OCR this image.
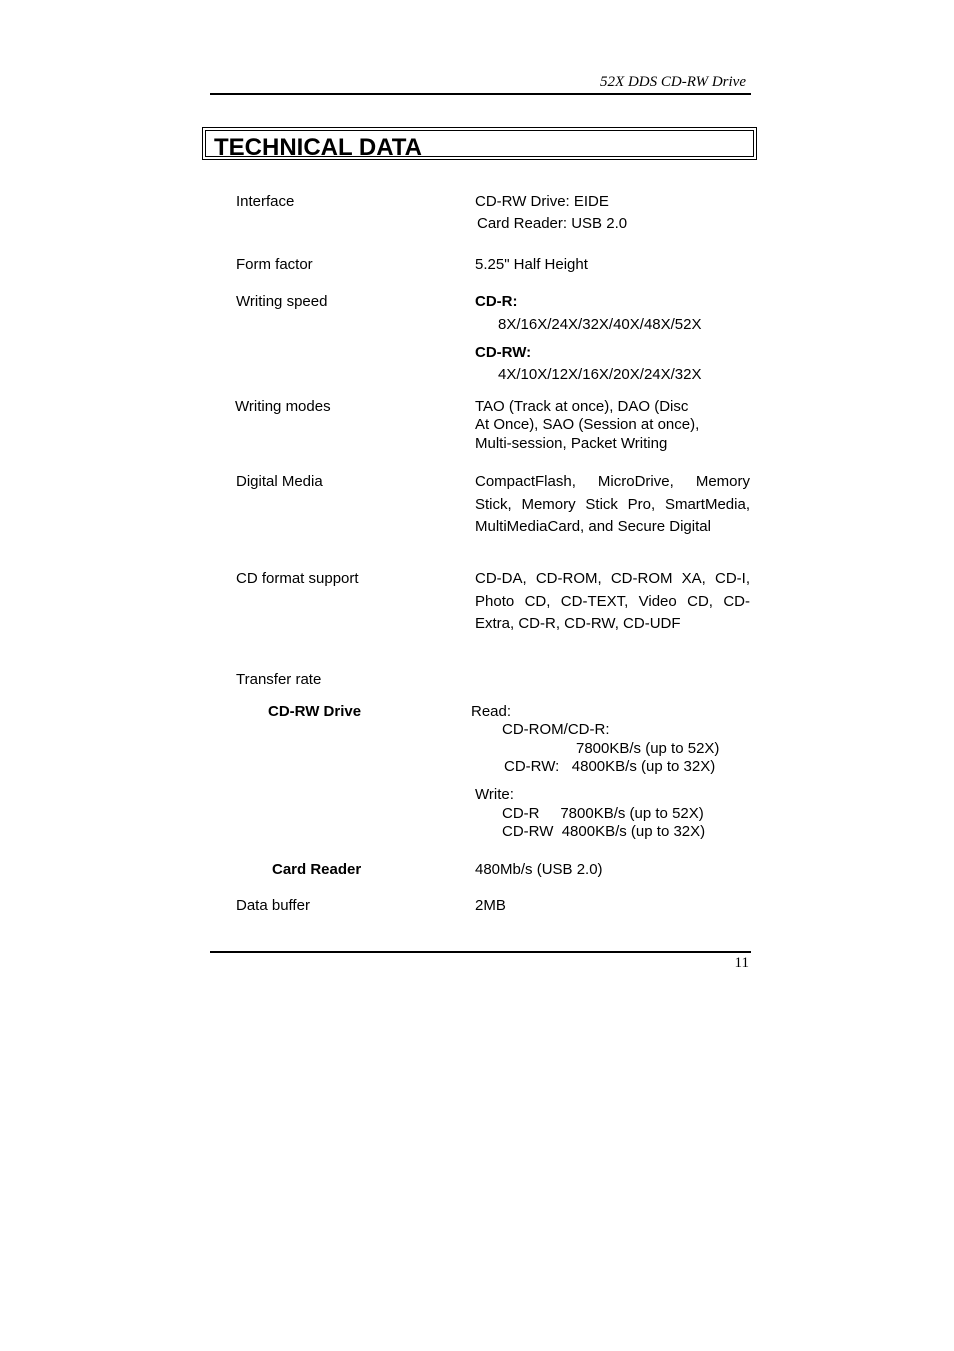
52X DDS CD-RW Drive
TECHNICAL DATA
Interface	CD-RW Drive: EIDE
Card Reader: USB 2.0
Form factor	5.25" Half Height
Writing speed	CD-R:
8X/16X/24X/32X/40X/48X/52X
CD-RW:
4X/10X/12X/16X/20X/24X/32X
Writing modes	TAO (Track at once), DAO (Disc
At Once), SAO (Session at once),
Multi-session, Packet Writing
Digital Media	CompactFlash, MicroDrive, Memory Stick, Memory Stick Pro, SmartMedia, MultiMediaCard, and Secure Digital
CD format support	CD-DA, CD-ROM, CD-ROM XA, CD-I, Photo CD, CD-TEXT, Video CD, CD-Extra, CD-R, CD-RW, CD-UDF
Transfer rate
CD-RW Drive	Read:
CD-ROM/CD-R:
7800KB/s (up to 52X)
CD-RW:   4800KB/s (up to 32X)
Write:
CD-R     7800KB/s (up to 52X)
CD-RW  4800KB/s (up to 32X)
Card Reader	480Mb/s (USB 2.0)
Data buffer	2MB
11
